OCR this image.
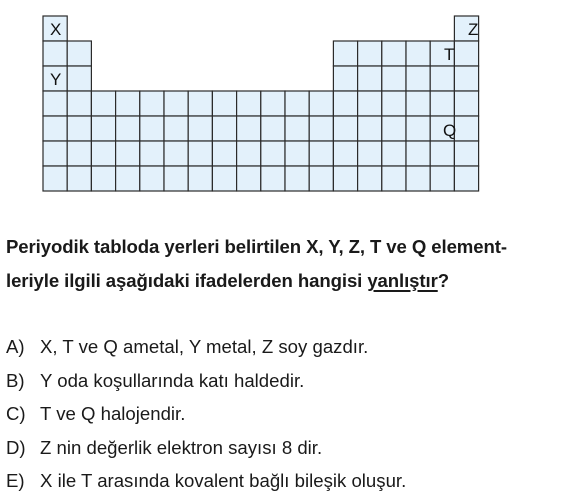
X	Z
T
Y
Q
Periyodik tabloda yerleri belirtilen X, Y, Z, T ve Q element-
leriyle ilgili aşağıdaki ifadelerden hangisi yanlıştır?
A) X, T ve Q ametal, Y metal, Z soy gazdır.
B) Y oda koşullarında katı haldedir.
C) T ve Q halojendir.
D) Z nin değerlik elektron sayısı 8 dir.
E) X ile T arasında kovalent bağlı bileşik oluşur.
